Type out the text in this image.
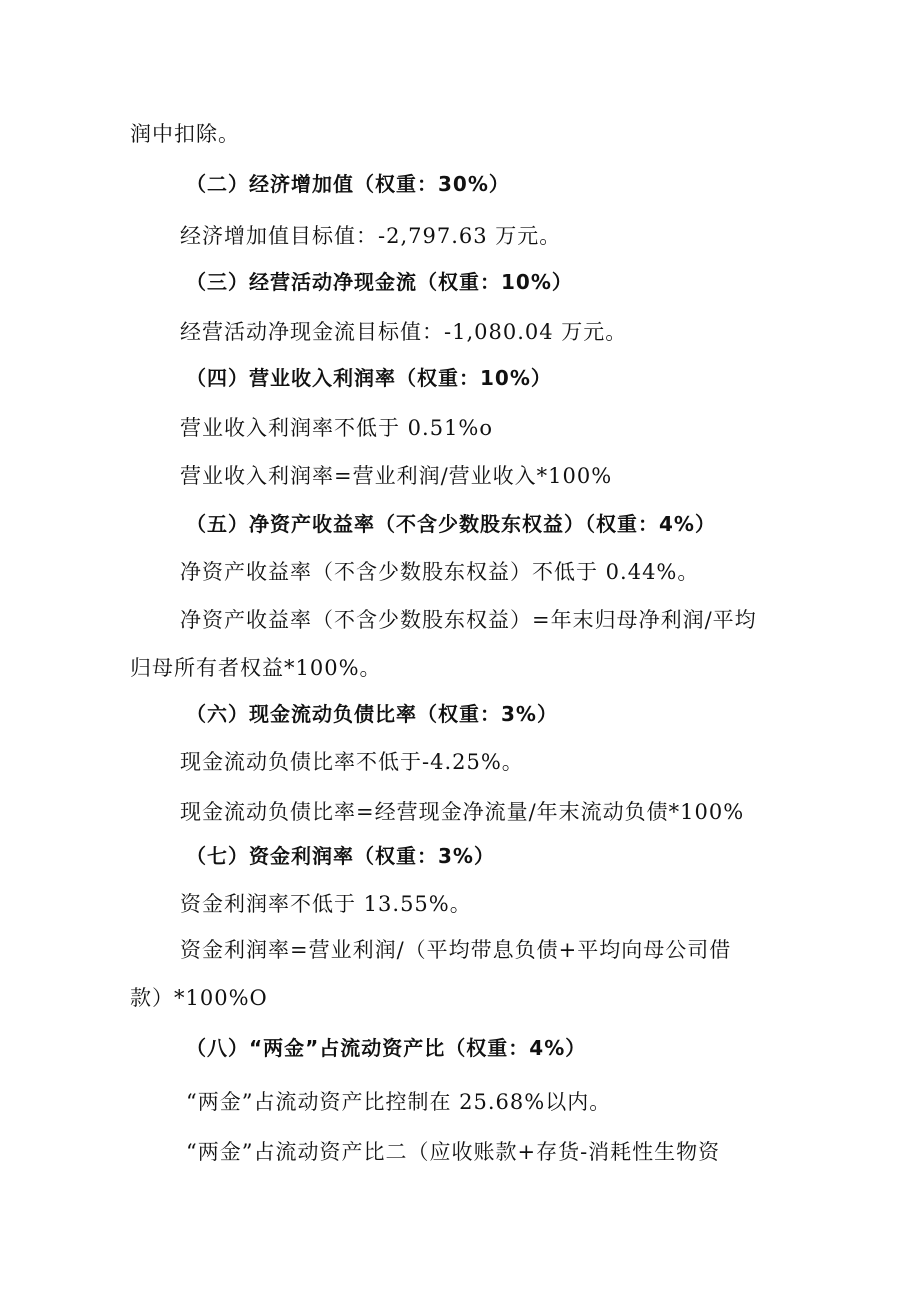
润中扣除。
（二）经济增加值（权重：30%）
经济增加值目标值：-2,797.63 万元。
（三）经营活动净现金流（权重：10%）
经营活动净现金流目标值：-1,080.04 万元。
（四）营业收入利润率（权重：10%）
营业收入利润率不低于 0.51%o
营业收入利润率=营业利润/营业收入*100%
（五）净资产收益率（不含少数股东权益）（权重：4%）
净资产收益率（不含少数股东权益）不低于 0.44%。
净资产收益率（不含少数股东权益）=年末归母净利润/平均
归母所有者权益*100%。
（六）现金流动负债比率（权重：3%）
现金流动负债比率不低于-4.25%。
现金流动负债比率=经营现金净流量/年末流动负债*100%
（七）资金利润率（权重：3%）
资金利润率不低于 13.55%。
资金利润率=营业利润/（平均带息负债+平均向母公司借
款）*100%O
（八）“两金”占流动资产比（权重：4%）
“两金”占流动资产比控制在 25.68%以内。
“两金”占流动资产比二（应收账款+存货-消耗性生物资
